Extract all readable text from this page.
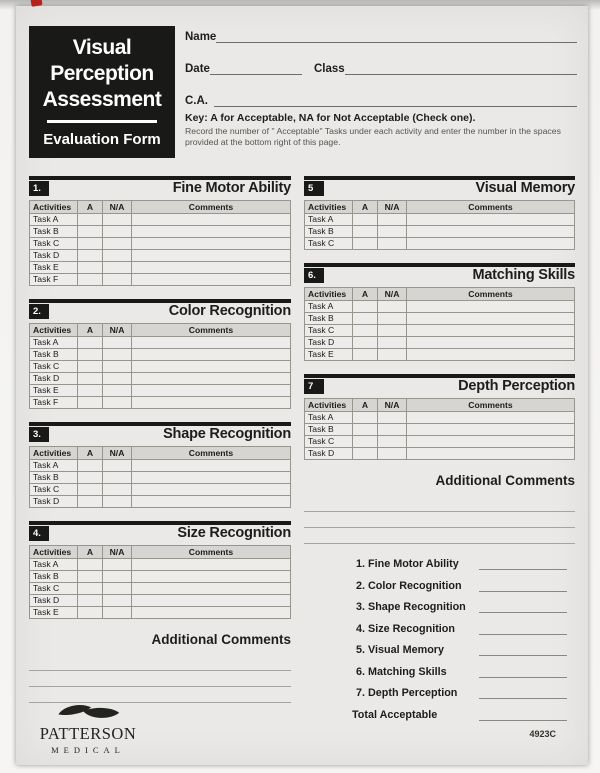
Visual
Perception
Assessment
Evaluation Form
Name
Date	Class
C.A.
Key: A for Acceptable, NA for Not Acceptable (Check one).
Record the number of " Acceptable" Tasks under each activity and enter the number in the spaces provided at the bottom right of this page.
1.	Fine Motor Ability
Activities	A	N/A	Comments
Task A			
Task B			
Task C			
Task D			
Task E			
Task F			
2.	Color Recognition
Activities	A	N/A	Comments
Task A			
Task B			
Task C			
Task D			
Task E			
Task F			
3.	Shape Recognition
Activities	A	N/A	Comments
Task A			
Task B			
Task C			
Task D			
4.	Size Recognition
Activities	A	N/A	Comments
Task A			
Task B			
Task C			
Task D			
Task E			
Additional Comments
5	Visual Memory
Activities	A	N/A	Comments
Task A			
Task B			
Task C			
6.	Matching Skills
Activities	A	N/A	Comments
Task A			
Task B			
Task C			
Task D			
Task E			
7	Depth Perception
Activities	A	N/A	Comments
Task A			
Task B			
Task C			
Task D			
Additional Comments
1. Fine Motor Ability
2. Color Recognition
3. Shape Recognition
4. Size Recognition
5. Visual Memory
6. Matching Skills
7. Depth Perception
Total Acceptable
PATTERSON
MEDICAL
4923C
